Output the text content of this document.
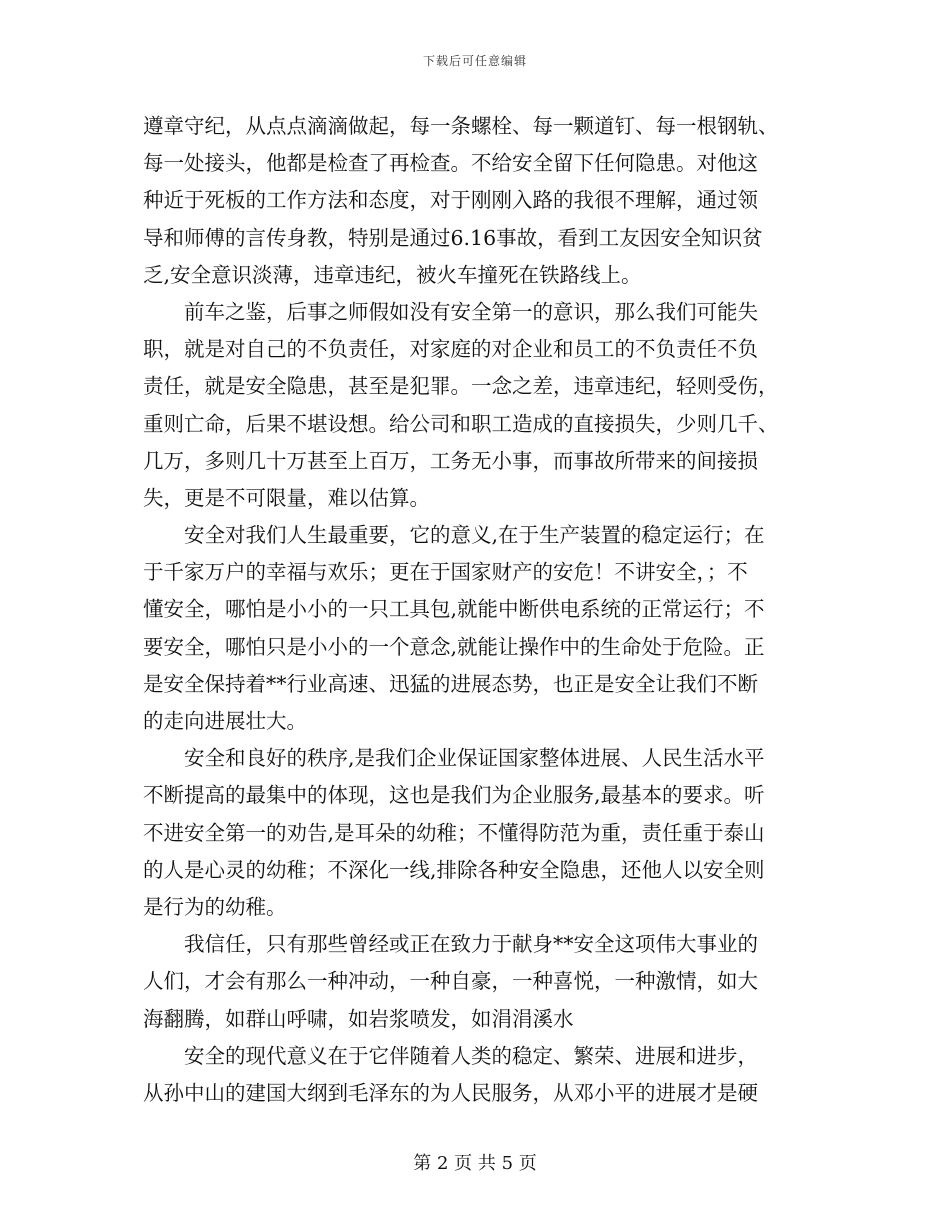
下载后可任意编辑
遵章守纪，从点点滴滴做起，每一条螺栓、每一颗道钉、每一根钢轨、
每一处接头，他都是检查了再检查。不给安全留下任何隐患。对他这
种近于死板的工作方法和态度，对于刚刚入路的我很不理解，通过领
导和师傅的言传身教，特别是通过6.16事故，看到工友因安全知识贫
乏,安全意识淡薄，违章违纪，被火车撞死在铁路线上。
　　前车之鉴，后事之师假如没有安全第一的意识，那么我们可能失
职，就是对自己的不负责任，对家庭的对企业和员工的不负责任不负
责任，就是安全隐患，甚至是犯罪。一念之差，违章违纪，轻则受伤，
重则亡命，后果不堪设想。给公司和职工造成的直接损失，少则几千、
几万，多则几十万甚至上百万，工务无小事，而事故所带来的间接损
失，更是不可限量，难以估算。
　　安全对我们人生最重要，它的意义,在于生产装置的稳定运行；在
于千家万户的幸福与欢乐；更在于国家财产的安危！不讲安全，；不
懂安全，哪怕是小小的一只工具包,就能中断供电系统的正常运行；不
要安全，哪怕只是小小的一个意念,就能让操作中的生命处于危险。正
是安全保持着**行业高速、迅猛的进展态势，也正是安全让我们不断
的走向进展壮大。
　　安全和良好的秩序,是我们企业保证国家整体进展、人民生活水平
不断提高的最集中的体现，这也是我们为企业服务,最基本的要求。听
不进安全第一的劝告,是耳朵的幼稚；不懂得防范为重，责任重于泰山
的人是心灵的幼稚；不深化一线,排除各种安全隐患，还他人以安全则
是行为的幼稚。
　　我信任，只有那些曾经或正在致力于献身**安全这项伟大事业的
人们，才会有那么一种冲动，一种自豪，一种喜悦，一种激情，如大
海翻腾，如群山呼啸，如岩浆喷发，如涓涓溪水
　　安全的现代意义在于它伴随着人类的稳定、繁荣、进展和进步，
从孙中山的建国大纲到毛泽东的为人民服务，从邓小平的进展才是硬
第 2 页 共 5 页
